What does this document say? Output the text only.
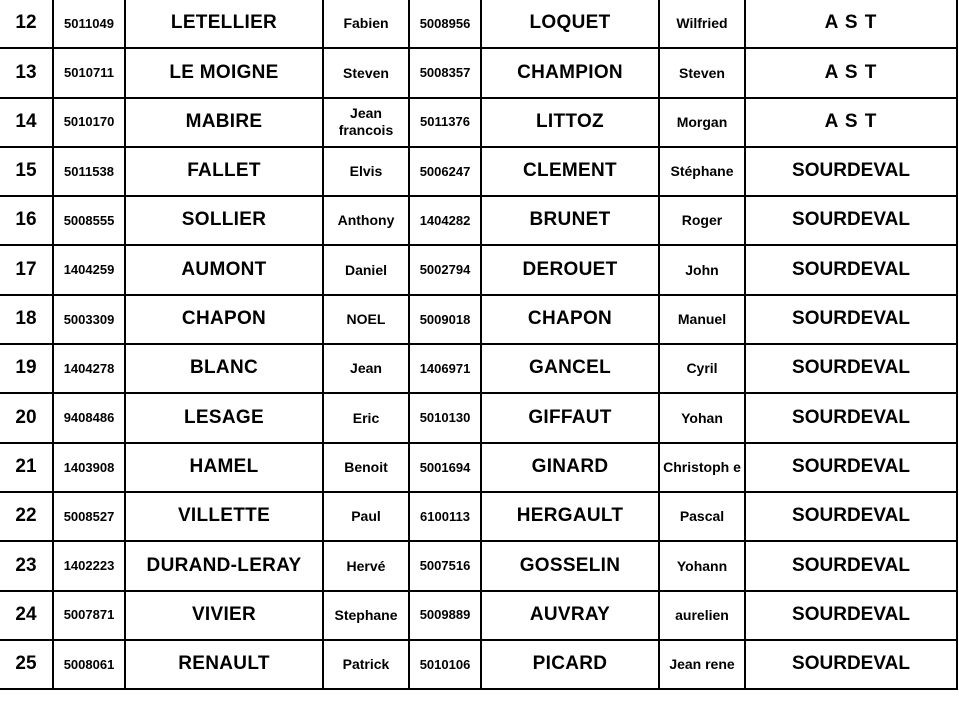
12	5011049	LETELLIER	Fabien	5008956	LOQUET	Wilfried	A S T
13	5010711	LE MOIGNE	Steven	5008357	CHAMPION	Steven	A S T
14	5010170	MABIRE	Jean francois	5011376	LITTOZ	Morgan	A S T
15	5011538	FALLET	Elvis	5006247	CLEMENT	Stéphane	SOURDEVAL
16	5008555	SOLLIER	Anthony	1404282	BRUNET	Roger	SOURDEVAL
17	1404259	AUMONT	Daniel	5002794	DEROUET	John	SOURDEVAL
18	5003309	CHAPON	NOEL	5009018	CHAPON	Manuel	SOURDEVAL
19	1404278	BLANC	Jean	1406971	GANCEL	Cyril	SOURDEVAL
20	9408486	LESAGE	Eric	5010130	GIFFAUT	Yohan	SOURDEVAL
21	1403908	HAMEL	Benoit	5001694	GINARD	Christoph e	SOURDEVAL
22	5008527	VILLETTE	Paul	6100113	HERGAULT	Pascal	SOURDEVAL
23	1402223	DURAND-LERAY	Hervé	5007516	GOSSELIN	Yohann	SOURDEVAL
24	5007871	VIVIER	Stephane	5009889	AUVRAY	aurelien	SOURDEVAL
25	5008061	RENAULT	Patrick	5010106	PICARD	Jean rene	SOURDEVAL
